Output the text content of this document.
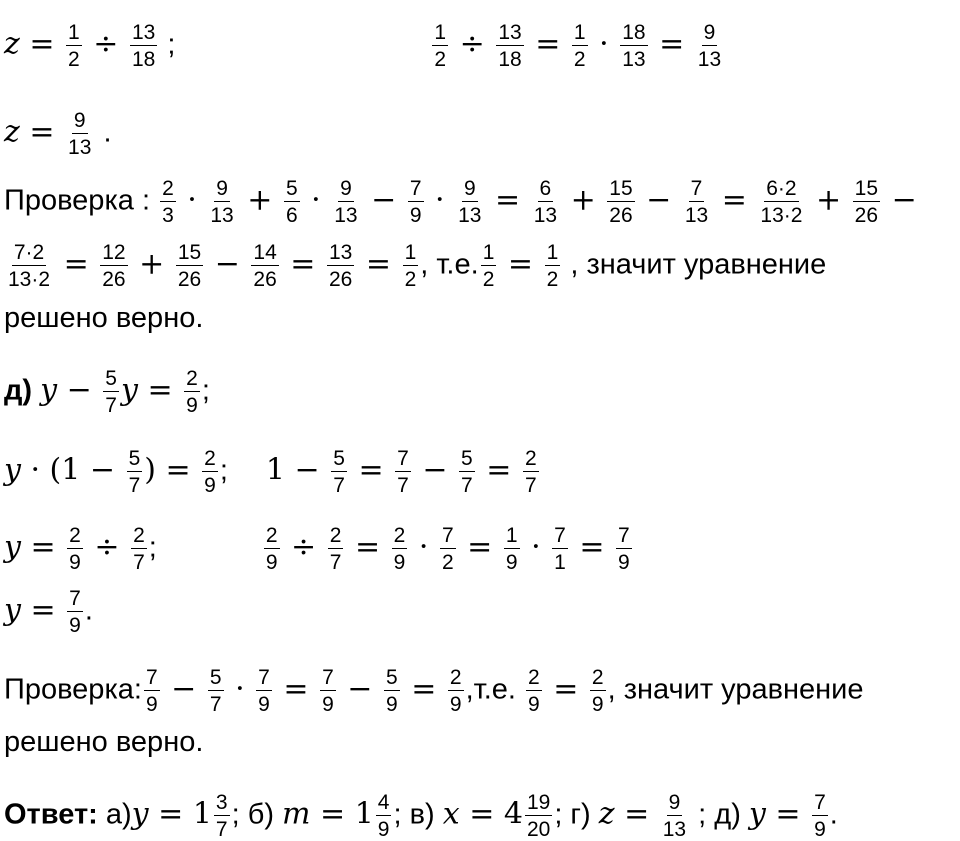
$z = \frac{1}{2} \div \frac{13}{18}$ ;	$\frac{1}{2} \div \frac{13}{18} = \frac{1}{2} \cdot \frac{18}{13} = \frac{9}{13}$
$z = \frac{9}{13}$ .
Проверка : $\frac{2}{3} \cdot \frac{9}{13} + \frac{5}{6} \cdot \frac{9}{13} - \frac{7}{9} \cdot \frac{9}{13} = \frac{6}{13} + \frac{15}{26} - \frac{7}{13} = \frac{6\cdot 2}{13\cdot 2} + \frac{15}{26}$ −
$\frac{7\cdot 2}{13\cdot 2} = \frac{12}{26} + \frac{15}{26} - \frac{14}{26} = \frac{13}{26} = \frac{1}{2}$ , т.е. $\frac{1}{2} = \frac{1}{2}$ , значит уравнение
решено верно.
д) $y - \frac{5}{7}$ $y = \frac{2}{9}$ ;
$y \cdot (1 - \frac{5}{7}$ ) = $\frac{2}{9}$ ; $1 - \frac{5}{7} = \frac{7}{7} - \frac{5}{7} = \frac{2}{7}$
$y = \frac{2}{9} \div \frac{2}{7}$ ;	$\frac{2}{9} \div \frac{2}{7} = \frac{2}{9} \cdot \frac{7}{2} = \frac{1}{9} \cdot \frac{7}{1} = \frac{7}{9}$
$y = \frac{7}{9}$ .
Проверка: $\frac{7}{9} - \frac{5}{7} \cdot \frac{7}{9} = \frac{7}{9} - \frac{5}{9} = \frac{2}{9} ,т.е$. $\frac{2}{9} = \frac{2}{9}$ , значит уравнение
решено верно.
Ответ: $а)y = 1 \frac{3}{7}$ ; б) $m = 1 \frac{4}{9}$ ; в) $x = 4 \frac{19}{20}$ ; г) $z = \frac{9}{13}$ ; д) $y = \frac{7}{9}$ .
